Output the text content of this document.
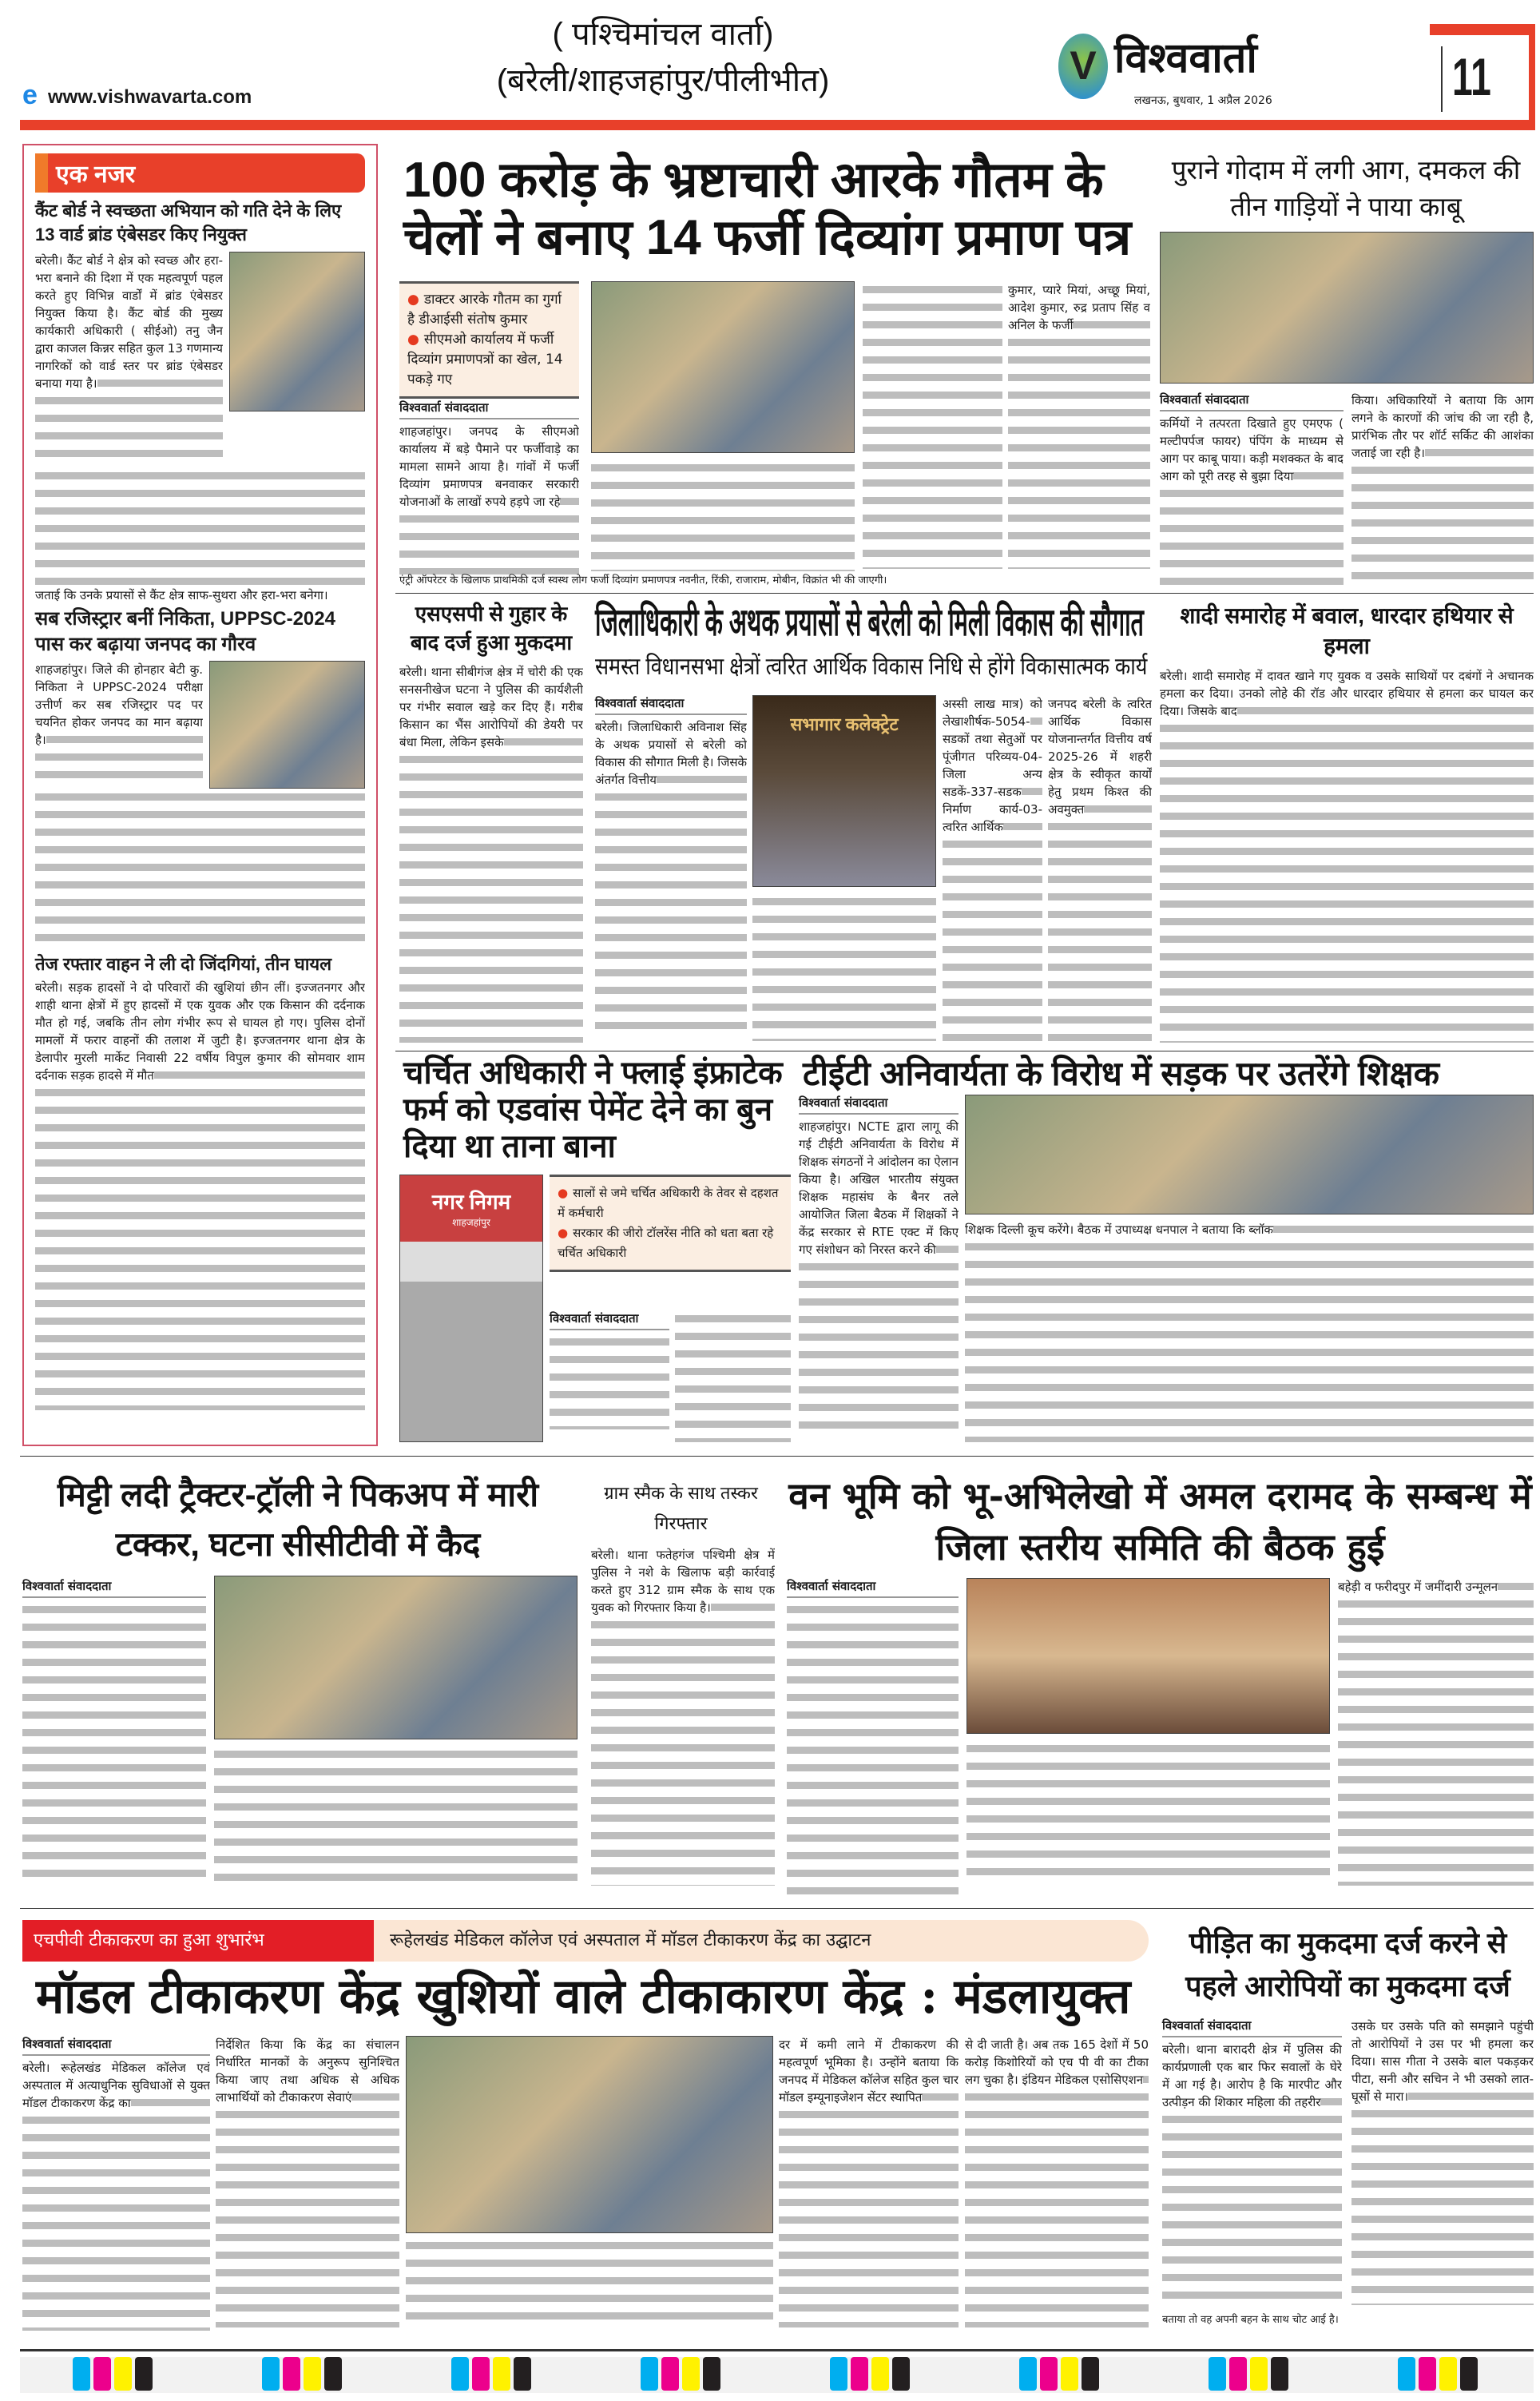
e www.vishwavarta.com
( पश्चिमांचल वार्ता)
(बरेली/शाहजहांपुर/पीलीभीत)	V विश्ववार्ता
लखनऊ, बुधवार, 1 अप्रैल 2026	11
एक नजर
कैंट बोर्ड ने स्वच्छता अभियान को गति देने के लिए 13 वार्ड ब्रांड एंबेसडर किए नियुक्त
बरेली। कैंट बोर्ड ने क्षेत्र को स्वच्छ और हरा-भरा बनाने की दिशा में एक महत्वपूर्ण पहल करते हुए विभिन्न वार्डों में ब्रांड एंबेसडर नियुक्त किया है। कैंट बोर्ड की मुख्य कार्यकारी अधिकारी ( सीईओ) तनु जैन द्वारा काजल किन्नर सहित कुल 13 गणमान्य नागरिकों को वार्ड स्तर पर ब्रांड एंबेसडर बनाया गया है।
जताई कि उनके प्रयासों से कैंट क्षेत्र साफ-सुथरा और हरा-भरा बनेगा।
सब रजिस्ट्रार बनीं निकिता, UPPSC-2024 पास कर बढ़ाया जनपद का गौरव
शाहजहांपुर। जिले की होनहार बेटी कु. निकिता ने UPPSC-2024 परीक्षा उत्तीर्ण कर सब रजिस्ट्रार पद पर चयनित होकर जनपद का मान बढ़ाया है।
तेज रफ्तार वाहन ने ली दो जिंदगियां, तीन घायल
बरेली। सड़क हादसों ने दो परिवारों की खुशियां छीन लीं। इज्जतनगर और शाही थाना क्षेत्रों में हुए हादसों में एक युवक और एक किसान की दर्दनाक मौत हो गई, जबकि तीन लोग गंभीर रूप से घायल हो गए। पुलिस दोनों मामलों में फरार वाहनों की तलाश में जुटी है। इज्जतनगर थाना क्षेत्र के डेलापीर मुरली मार्केट निवासी 22 वर्षीय विपुल कुमार की सोमवार शाम दर्दनाक सड़क हादसे में मौत
100 करोड़ के भ्रष्टाचारी आरके गौतम के चेलों ने बनाए 14 फर्जी दिव्यांग प्रमाण पत्र
● डाक्टर आरके गौतम का गुर्गा है डीआईसी संतोष कुमार
● सीएमओ कार्यालय में फर्जी दिव्यांग प्रमाणपत्रों का खेल, 14 पकड़े गए
विश्ववार्ता संवाददाता
शाहजहांपुर। जनपद के सीएमओ कार्यालय में बड़े पैमाने पर फर्जीवाड़े का मामला सामने आया है। गांवों में फर्जी दिव्यांग प्रमाणपत्र बनवाकर सरकारी योजनाओं के लाखों रुपये हड़पे जा रहे
कुमार, प्यारे मियां, अच्छू मियां, आदेश कुमार, रुद्र प्रताप सिंह व अनिल के फर्जी
एंट्री ऑपरेटर के खिलाफ प्राथमिकी दर्ज स्वस्थ लोग फर्जी दिव्यांग प्रमाणपत्र नवनीत, रिंकी, राजाराम, मोबीन, विक्रांत भी की जाएगी।
पुराने गोदाम में लगी आग, दमकल की तीन गाड़ियों ने पाया काबू
विश्ववार्ता संवाददाता
कर्मियों ने तत्परता दिखाते हुए एमएफ ( मल्टीपर्पज फायर) पंपिंग के माध्यम से आग पर काबू पाया। कड़ी मशक्कत के बाद आग को पूरी तरह से बुझा दिया
किया। अधिकारियों ने बताया कि आग लगने के कारणों की जांच की जा रही है, प्रारंभिक तौर पर शॉर्ट सर्किट की आशंका जताई जा रही है।
एसएसपी से गुहार के बाद दर्ज हुआ मुकदमा
बरेली। थाना सीबीगंज क्षेत्र में चोरी की एक सनसनीखेज घटना ने पुलिस की कार्यशैली पर गंभीर सवाल खड़े कर दिए हैं। गरीब किसान का भैंस आरोपियों की डेयरी पर बंधा मिला, लेकिन इसके
जिलाधिकारी के अथक प्रयासों से बरेली को मिली विकास की सौगात
समस्त विधानसभा क्षेत्रों त्वरित आर्थिक विकास निधि से होंगे विकासात्मक कार्य
विश्ववार्ता संवाददाता
बरेली। जिलाधिकारी अविनाश सिंह के अथक प्रयासों से बरेली को विकास की सौगात मिली है। जिसके अंतर्गत वित्तीय
सभागार कलेक्ट्रेट
अस्सी लाख मात्र) को लेखाशीर्षक-5054-सडकों तथा सेतुओं पर पूंजीगत परिव्यय-04-जिला अन्य सडकें-337-सडक निर्माण कार्य-03-त्वरित आर्थिक
जनपद बरेली के त्वरित आर्थिक विकास योजनान्तर्गत वित्तीय वर्ष 2025-26 में शहरी क्षेत्र के स्वीकृत कार्यों हेतु प्रथम किश्त की अवमुक्त
शादी समारोह में बवाल, धारदार हथियार से हमला
बरेली। शादी समारोह में दावत खाने गए युवक व उसके साथियों पर दबंगों ने अचानक हमला कर दिया। उनको लोहे की रॉड और धारदार हथियार से हमला कर घायल कर दिया। जिसके बाद
चर्चित अधिकारी ने फ्लाई इंफ्राटेक फर्म को एडवांस पेमेंट देने का बुन दिया था ताना बाना
नगर निगम
शाहजहांपुर
● सालों से जमे चर्चित अधिकारी के तेवर से दहशत में कर्मचारी
● सरकार की जीरो टॉलरेंस नीति को धता बता रहे चर्चित अधिकारी
विश्ववार्ता संवाददाता
टीईटी अनिवार्यता के विरोध में सड़क पर उतरेंगे शिक्षक
विश्ववार्ता संवाददाता
शाहजहांपुर। NCTE द्वारा लागू की गई टीईटी अनिवार्यता के विरोध में शिक्षक संगठनों ने आंदोलन का ऐलान किया है। अखिल भारतीय संयुक्त शिक्षक महासंघ के बैनर तले आयोजित जिला बैठक में शिक्षकों ने केंद्र सरकार से RTE एक्ट में किए गए संशोधन को निरस्त करने की
शिक्षक दिल्ली कूच करेंगे। बैठक में उपाध्यक्ष धनपाल ने बताया कि ब्लॉक
मिट्टी लदी ट्रैक्टर-ट्रॉली ने पिकअप में मारी टक्कर, घटना सीसीटीवी में कैद
विश्ववार्ता संवाददाता
ग्राम स्मैक के साथ तस्कर गिरफ्तार
बरेली। थाना फतेहगंज पश्चिमी क्षेत्र में पुलिस ने नशे के खिलाफ बड़ी कार्रवाई करते हुए 312 ग्राम स्मैक के साथ एक युवक को गिरफ्तार किया है।
वन भूमि को भू-अभिलेखो में अमल दरामद के सम्बन्ध में जिला स्तरीय समिति की बैठक हुई
विश्ववार्ता संवाददाता	बहेड़ी व फरीदपुर में जमींदारी उन्मूलन
एचपीवी टीकाकरण का हुआ शुभारंभ	रूहेलखंड मेडिकल कॉलेज एवं अस्पताल में मॉडल टीकाकरण केंद्र का उद्घाटन
मॉडल टीकाकरण केंद्र खुशियों वाले टीकाकारण केंद्र : मंडलायुक्त
विश्ववार्ता संवाददाता
बरेली। रूहेलखंड मेडिकल कॉलेज एवं अस्पताल में अत्याधुनिक सुविधाओं से युक्त मॉडल टीकाकरण केंद्र का
निर्देशित किया कि केंद्र का संचालन निर्धारित मानकों के अनुरूप सुनिश्चित किया जाए तथा अधिक से अधिक लाभार्थियों को टीकाकरण सेवाएं
दर में कमी लाने में टीकाकरण की महत्वपूर्ण भूमिका है। उन्होंने बताया कि जनपद में मेडिकल कॉलेज सहित कुल चार मॉडल इम्यूनाइजेशन सेंटर स्थापित
से दी जाती है। अब तक 165 देशों में 50 करोड़ किशोरियों को एच पी वी का टीका लग चुका है। इंडियन मेडिकल एसोसिएशन
पीड़ित का मुकदमा दर्ज करने से पहले आरोपियों का मुकदमा दर्ज
विश्ववार्ता संवाददाता
बरेली। थाना बारादरी क्षेत्र में पुलिस की कार्यप्रणाली एक बार फिर सवालों के घेरे में आ गई है। आरोप है कि मारपीट और उत्पीड़न की शिकार महिला की तहरीर
उसके घर उसके पति को समझाने पहुंची तो आरोपियों ने उस पर भी हमला कर दिया। सास गीता ने उसके बाल पकड़कर पीटा, सनी और सचिन ने भी उसको लात-घूसों से मारा।
बताया तो वह अपनी बहन के साथ चोट आई है।
